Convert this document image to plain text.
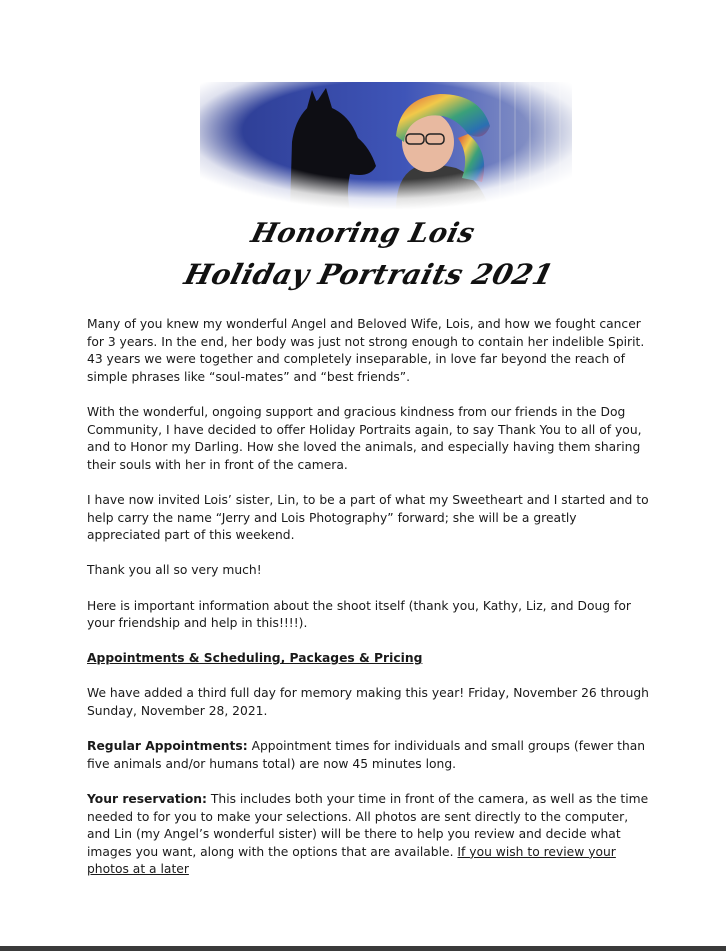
Honoring Lois
Holiday Portraits 2021

Many of you knew my wonderful Angel and Beloved Wife, Lois, and how we fought cancer for 3 years. In the end, her body was just not strong enough to contain her indelible Spirit. 43 years we were together and completely inseparable, in love far beyond the reach of simple phrases like “soul-mates” and “best friends”.

With the wonderful, ongoing support and gracious kindness from our friends in the Dog Community, I have decided to offer Holiday Portraits again, to say Thank You to all of you, and to Honor my Darling. How she loved the animals, and especially having them sharing their souls with her in front of the camera.

I have now invited Lois’ sister, Lin, to be a part of what my Sweetheart and I started and to help carry the name “Jerry and Lois Photography” forward; she will be a greatly appreciated part of this weekend.

Thank you all so very much!

Here is important information about the shoot itself (thank you, Kathy, Liz, and Doug for your friendship and help in this!!!!).

Appointments & Scheduling, Packages & Pricing

We have added a third full day for memory making this year! Friday, November 26 through Sunday, November 28, 2021.

Regular Appointments: Appointment times for individuals and small groups (fewer than five animals and/or humans total) are now 45 minutes long.

Your reservation: This includes both your time in front of the camera, as well as the time needed to for you to make your selections. All photos are sent directly to the computer, and Lin (my Angel’s wonderful sister) will be there to help you review and decide what images you want, along with the options that are available. If you wish to review your photos at a later
